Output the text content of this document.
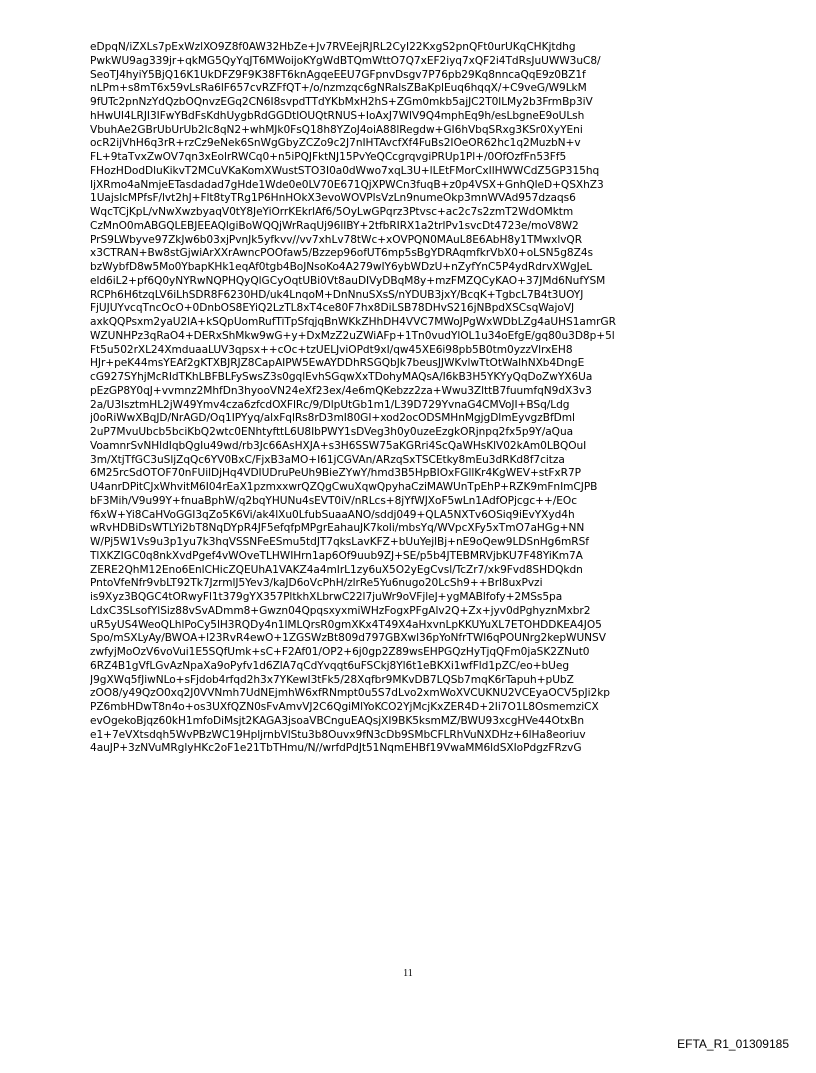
eDpqN/iZXLs7pExWzlXO9Z8f0AW32HbZe+Jv7RVEejRJRL2CyI22KxgS2pnQFt0urUKqCHKjtdhg
PwkWU9ag339jr+qkMG5QyYqJT6MWoijoKYgWdBTQmWttO7Q7xEF2iyq7xQF2i4TdRsJuUWW3uC8/
SeoTJ4hyiY5BjQ16K1UkDFZ9F9K38FT6knAgqeEEU7GFpnvDsgv7P76pb29Kq8nncaQqE9z0BZ1f
nLPm+s8mT6x59vLsRa6lF657cvRZFfQT+/o/nzmzqc6gNRalsZBaKplEuq6hqqX/+C9veG/W9LkM
9fUTc2pnNzYdQzbOQnvzEGq2CN6I8svpdTTdYKbMxH2hS+ZGm0mkb5ajJC2T0lLMy2b3FrmBp3iV
hHwUI4LRJI3IFwYBdFsKdhUygbRdGGDtlOUQtRNUS+IoAxJ7WlV9Q4mphEq9h/esLbgneE9oULsh
VbuhAe2GBrUbUrUb2lc8qN2+whMJk0FsQ18h8YZoJ4oiA88lRegdw+GI6hVbqSRxg3KSr0XyYEni
ocR2ijVhH6q3rR+rzCz9eNek6SnWgGbyZCZo9c2J7nIHTAvcfXf4FuBs2IOeOR62hc1q2MuzbN+v
FL+9taTvxZwOV7qn3xEolrRWCq0+n5iPQJFktNJ15PvYeQCcgrqvgiPRUp1Pl+/0OfOzfFn53Ff5
FHozHDodDluKikvT2MCuVKaKomXWustSTO3I0a0dWwo7xqL3U+lLEtFMorCxIlHWWCdZ5GP315hq
IjXRmo4aNmjeETasdadad7gHde1Wde0e0LV70E671QjXPWCn3fuqB+z0p4VSX+GnhQleD+QSXhZ3
1UajslcMPfsF/lvt2hJ+Flt8tyTRg1P6HnHOkX3evoWOVPlsVzLn9numeOkp3mnWVAd957dzaqs6
WqcTCjKpL/vNwXwzbyaqV0tY8JeYiOrrKEkrlAf6/5OyLwGPqrz3Ptvsc+ac2c7s2zmT2WdOMktm
CzMnO0mABGQLEBJEEAQlgiBoWQQjWrRaqUj96lIBY+2tfbRIRX1a2trlPv1svcDt4723e/moV8W2
PrS9LWbyve97ZkJw6b03xjPvnJk5yfkvv//vv7xhLv78tWc+xOVPQN0MAuL8E6AbH8y1TMwxlvQR
x3CTRAN+Bw8stGjwiArXXrAwncPOOfaw5/Bzzep96ofUT6mp5sBgYDRAqmfkrVbX0+oLSN5g8Z4s
bzWybfD8w5Mo0YbapKHk1eqAf0tgb4BoJNsoKo4A279wIY6ybWDzU+nZyfYnC5P4ydRdrvXWgJeL
eld6iL2+pf6Q0yNYRwNQPHQyQlGCyOqtUBi0Vt8auDIVyDBqM8y+mzFMZQCyKAO+37JMd6NufYSM
RCPh6H6tzqLV6iLhSDR8F6230HD/uk4LnqoM+DnNnuSXsS/nYDUB3jxY/BcqK+TgbcL7B4t3UOYJ
FjUJUYvcqTncOcO+0DnbOS8EYiQ2LzTL8xT4ce80F7hx8DiLSB78DHvS216jNBpdXSCsqWajoVJ
axkQQPsxm2yaU2lA+kSQpUomRufTiTpSfqjqBnWKkZHhDH4VVC7MWoJPgWxWDbLZg4aUHS1amrGR
WZUNHPz3qRaO4+DERxShMkw9wG+y+DxMzZ2uZWiAFp+1Tn0vudYlOL1u34oEfgE/gq80u3D8p+5l
Ft5u502rXL24XmduaaLUV3qpsx++cOc+tzUELJviOPdt9xI/qw45XE6i98pb5B0tm0yzzVlrxEH8
HJr+peK44msYEAf2gKTXBJRJZ8CapAIPW5EwAYDDhRSGQbJk7beusJJWKvlwTtOtWalhNXb4DngE
cG927SYhjMcRIdTKhLBFBLFySwsZ3s0gqlEvhSGqwXxTDohyMAQsA/I6kB3H5YKYyQqDoZwYX6Ua
pEzGP8Y0qJ+vvmnz2MhfDn3hyooVN24eXf23ex/4e6mQKebzz2za+Wwu3ZlttB7fuumfqN9dX3v3
2a/U3lsztmHL2jW49Ymv4cza6zfcdOXFlRc/9/DlpUtGb1m1/L39D729YvnaG4CMVoJI+BSq/Ldg
j0oRiWwXBqJD/NrAGD/Oq1IPYyq/alxFqlRs8rD3mI80GI+xod2ocODSMHnMgjgDlmEyvgzBfDml
2uP7MvuUbcb5bciKbQ2wtc0ENhtyfttL6U8IbPWY1sDVeg3h0y0uzeEzgkORjnpq2fx5p9Y/aQua
VoamnrSvNHldIqbQgIu49wd/rb3Jc66AsHXJA+s3H6SSW75aKGRri4ScQaWHsKlV02kAm0LBQOuI
3m/XtjTfGC3uSljZqQc6YV0BxC/FjxB3aMO+I61jCGVAn/ARzqSxTSCEtky8mEu3dRKd8f7citza
6M25rcSdOTOF70nFUilDjHq4VDIUDruPeUh9BieZYwY/hmd3B5HpBIOxFGllKr4KgWEV+stFxR7P
U4anrDPitCJxWhvitM6I04rEaX1pzmxxwrQZQgCwuXqwQpyhaCziMAWUnTpEhP+RZK9mFnImCJPB
bF3Mih/V9u99Y+fnuaBphW/q2bqYHUNu4sEVT0iV/nRLcs+8jYfWJXoF5wLn1AdfOPjcgc++/EOc
f6xW+Yi8CaHVoGGI3qZo5K6Vi/ak4lXu0LfubSuaaANO/sddj049+QLA5NXTv6OSiq9iEvYXyd4h
wRvHDBiDsWTLYi2bT8NqDYpR4JF5efqfpMPgrEahauJK7koIi/mbsYq/WVpcXFy5xTmO7aHGg+NN
W/Pj5W1Vs9u3p1yu7k3hqVSSNFeESmu5tdJT7qksLavKFZ+bUuYejlBj+nE9oQew9LDSnHg6mRSf
TlXKZIGC0q8nkXvdPgef4vWOveTLHWIHrn1ap6Of9uub9ZJ+SE/p5b4JTEBMRVjbKU7F48YiKm7A
ZERE2QhM12Eno6EnlCHicZQEUhA1VAKZ4a4mIrL1zy6uX5O2yEgCvsl/TcZr7/xk9Fvd8SHDQkdn
PntoVfeNfr9vbLT92Tk7JzrmlJ5Yev3/kaJD6oVcPhH/zlrRe5Yu6nugo20LcSh9++Brl8uxPvzi
is9Xyz3BQGC4tORwyFl1t379gYX357PltkhXLbrwC22l7juWr9oVFjleJ+ygMABlfofy+2MSs5pa
LdxC3SLsofYlSiz88vSvADmm8+Gwzn04QpqsxyxmiWHzFogxPFgAlv2Q+Zx+jyv0dPghyznMxbr2
uR5yUS4WeoQLhlPoCy5lH3RQDy4n1lMLQrsR0gmXKx4T49X4aHxvnLpKKUYuXL7ETOHDDKEA4JO5
Spo/mSXLyAy/BWOA+l23RvR4ewO+1ZGSWzBt809d797GBXwl36pYoNfrTWl6qPOUNrg2kepWUNSV
zwfyjMoOzV6voVui1E5SQfUmk+sC+F2Af01/OP2+6j0gp2Z89wsEHPGQzHyTjqQFm0jaSK2ZNut0
6RZ4B1gVfLGvAzNpaXa9oPyfv1d6ZlA7qCdYvqqt6uFSCkj8Yl6t1eBKXi1wfFld1pZC/eo+bUeg
J9gXWq5fJiwNLo+sFjdob4rfqd2h3x7YKewI3tFk5/28Xqfbr9MKvDB7LQSb7mqK6rTapuh+pUbZ
zOO8/y49QzO0xq2J0VVNmh7UdNEjmhW6xfRNmpt0u5S7dLvo2xmWoXVCUKNU2VCEyaOCV5pJi2kp
PZ6mbHDwT8n4o+os3UXfQZN0sFvAmvVJ2C6QgiMlYoKCO2YjMcjKxZER4D+2Ii7O1L8OsmemziCX
evOgekoBjqz60kH1mfoDiMsjt2KAGA3jsoaVBCnguEAQsjXI9BK5ksmMZ/BWU93xcgHVe44OtxBn
e1+7eVXtsdqh5WvPBzWC19HpljrnbVlStu3b8Ouvx9fN3cDb9SMbCFLRhVuNXDHz+6lHa8eoriuv
4auJP+3zNVuMRglyHKc2oF1e21TbTHmu/N//wrfdPdJt51NqmEHBf19VwaMM6ldSXIoPdgzFRzvG
11
EFTA_R1_01309185
